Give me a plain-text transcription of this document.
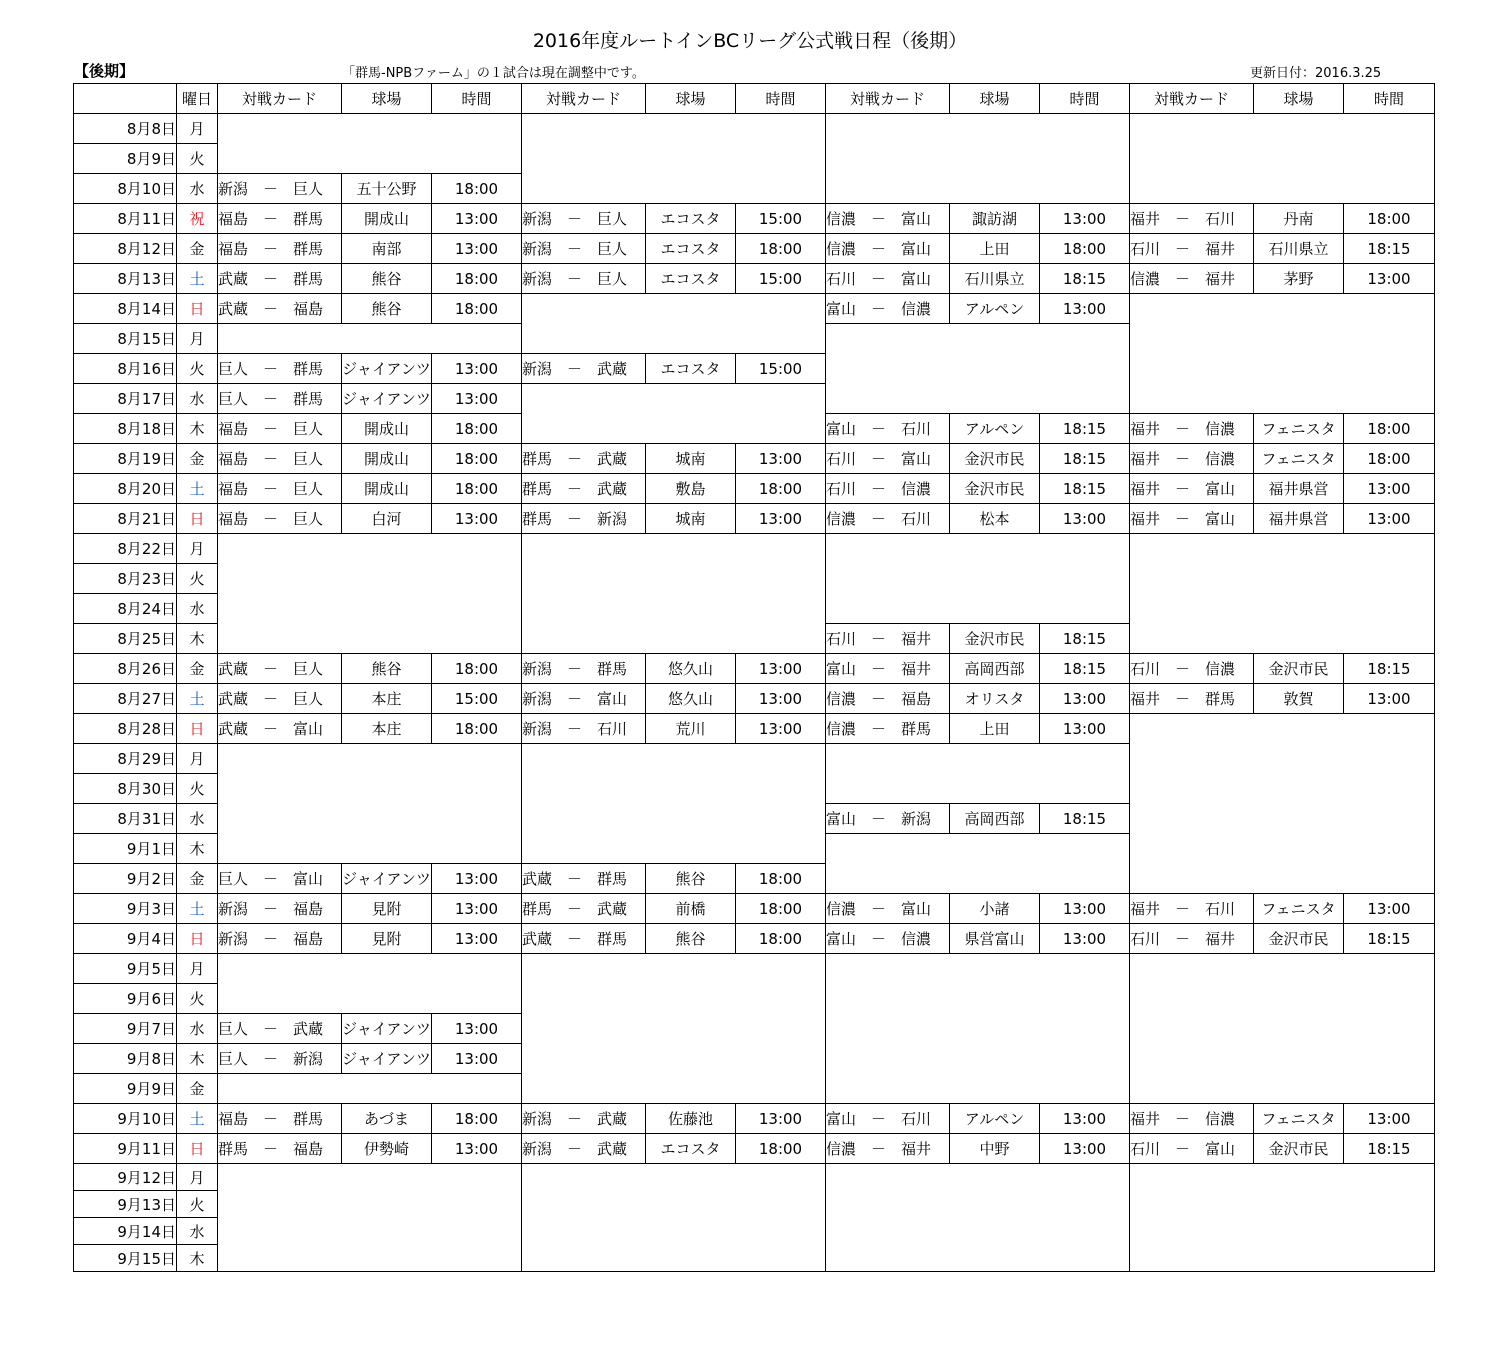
2016年度ルートインBCリーグ公式戦日程（後期）
【後期】	「群馬-NPBファーム」の１試合は現在調整中です。	更新日付：2016.3.25
	曜日	対戦カード	球場	時間	対戦カード	球場	時間	対戦カード	球場	時間	対戦カード	球場	時間
8月8日	月												
8月9日	火												
8月10日	水	新潟 － 巨人	五十公野	18:00									
8月11日	祝	福島 － 群馬	開成山	13:00	新潟 － 巨人	エコスタ	15:00	信濃 － 富山	諏訪湖	13:00	福井 － 石川	丹南	18:00
8月12日	金	福島 － 群馬	南部	13:00	新潟 － 巨人	エコスタ	18:00	信濃 － 富山	上田	18:00	石川 － 福井	石川県立	18:15
8月13日	土	武蔵 － 群馬	熊谷	18:00	新潟 － 巨人	エコスタ	15:00	石川 － 富山	石川県立	18:15	信濃 － 福井	茅野	13:00
8月14日	日	武蔵 － 福島	熊谷	18:00				富山 － 信濃	アルペン	13:00			
8月15日	月												
8月16日	火	巨人 － 群馬	ジャイアンツ	13:00	新潟 － 武蔵	エコスタ	15:00						
8月17日	水	巨人 － 群馬	ジャイアンツ	13:00									
8月18日	木	福島 － 巨人	開成山	18:00				富山 － 石川	アルペン	18:15	福井 － 信濃	フェニスタ	18:00
8月19日	金	福島 － 巨人	開成山	18:00	群馬 － 武蔵	城南	13:00	石川 － 富山	金沢市民	18:15	福井 － 信濃	フェニスタ	18:00
8月20日	土	福島 － 巨人	開成山	18:00	群馬 － 武蔵	敷島	18:00	石川 － 信濃	金沢市民	18:15	福井 － 富山	福井県営	13:00
8月21日	日	福島 － 巨人	白河	13:00	群馬 － 新潟	城南	13:00	信濃 － 石川	松本	13:00	福井 － 富山	福井県営	13:00
8月22日	月												
8月23日	火												
8月24日	水												
8月25日	木							石川 － 福井	金沢市民	18:15			
8月26日	金	武蔵 － 巨人	熊谷	18:00	新潟 － 群馬	悠久山	13:00	富山 － 福井	高岡西部	18:15	石川 － 信濃	金沢市民	18:15
8月27日	土	武蔵 － 巨人	本庄	15:00	新潟 － 富山	悠久山	13:00	信濃 － 福島	オリスタ	13:00	福井 － 群馬	敦賀	13:00
8月28日	日	武蔵 － 富山	本庄	18:00	新潟 － 石川	荒川	13:00	信濃 － 群馬	上田	13:00			
8月29日	月												
8月30日	火												
8月31日	水							富山 － 新潟	高岡西部	18:15			
9月1日	木												
9月2日	金	巨人 － 富山	ジャイアンツ	13:00	武蔵 － 群馬	熊谷	18:00						
9月3日	土	新潟 － 福島	見附	13:00	群馬 － 武蔵	前橋	18:00	信濃 － 富山	小諸	13:00	福井 － 石川	フェニスタ	13:00
9月4日	日	新潟 － 福島	見附	13:00	武蔵 － 群馬	熊谷	18:00	富山 － 信濃	県営富山	13:00	石川 － 福井	金沢市民	18:15
9月5日	月												
9月6日	火												
9月7日	水	巨人 － 武蔵	ジャイアンツ	13:00									
9月8日	木	巨人 － 新潟	ジャイアンツ	13:00									
9月9日	金												
9月10日	土	福島 － 群馬	あづま	18:00	新潟 － 武蔵	佐藤池	13:00	富山 － 石川	アルペン	13:00	福井 － 信濃	フェニスタ	13:00
9月11日	日	群馬 － 福島	伊勢崎	13:00	新潟 － 武蔵	エコスタ	18:00	信濃 － 福井	中野	13:00	石川 － 富山	金沢市民	18:15
9月12日	月												
9月13日	火												
9月14日	水												
9月15日	木												
